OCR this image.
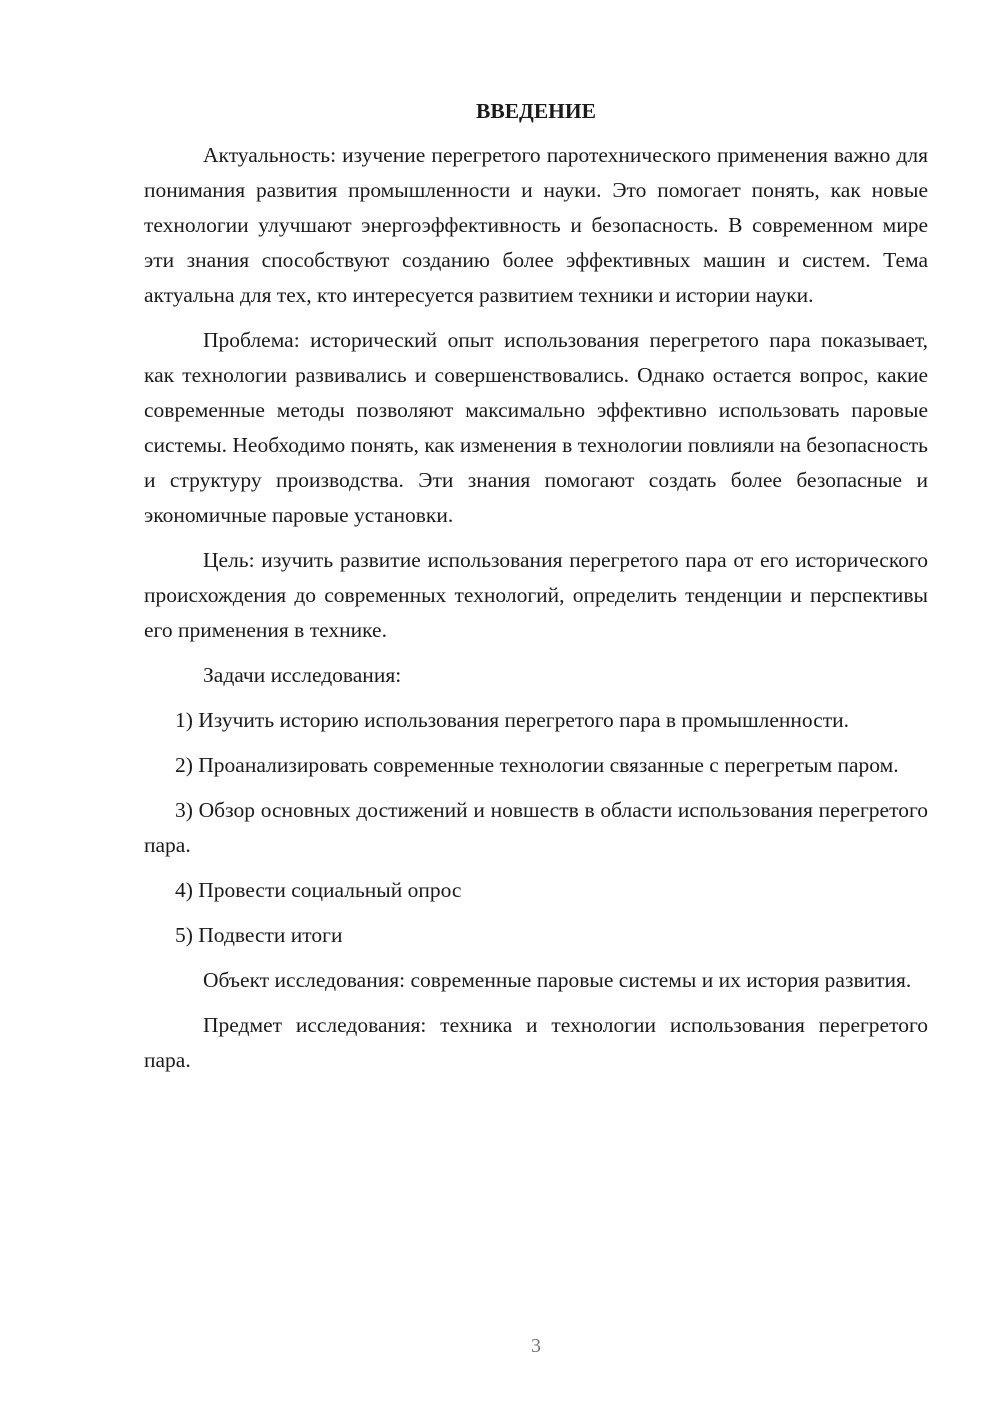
ВВЕДЕНИЕ

Актуальность: изучение перегретого паротехнического применения важно для понимания развития промышленности и науки. Это помогает понять, как новые технологии улучшают энергоэффективность и безопасность. В современном мире эти знания способствуют созданию более эффективных машин и систем. Тема актуальна для тех, кто интересуется развитием техники и истории науки.

Проблема: исторический опыт использования перегретого пара показывает, как технологии развивались и совершенствовались. Однако остается вопрос, какие современные методы позволяют максимально эффективно использовать паровые системы. Необходимо понять, как изменения в технологии повлияли на безопасность и структуру производства. Эти знания помогают создать более безопасные и экономичные паровые установки.

Цель: изучить развитие использования перегретого пара от его исторического происхождения до современных технологий, определить тенденции и перспективы его применения в технике.

Задачи исследования:

1) Изучить историю использования перегретого пара в промышленности.

2) Проанализировать современные технологии связанные с перегретым паром.

3) Обзор основных достижений и новшеств в области использования перегретого пара.

4) Провести социальный опрос

5) Подвести итоги

Объект исследования: современные паровые системы и их история развития.

Предмет исследования: техника и технологии использования перегретого пара.

3
